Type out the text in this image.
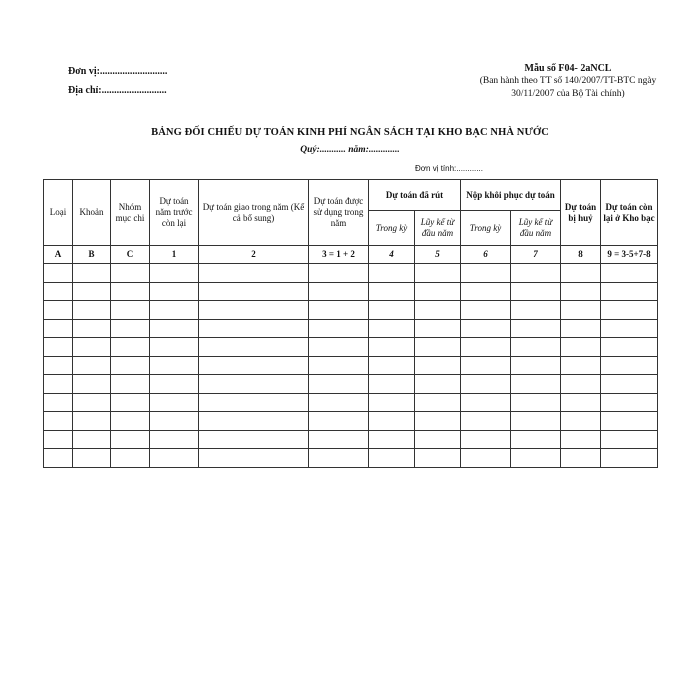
Đơn vị:...........................
Địa chỉ:..........................
Mẫu số F04- 2aNCL
(Ban hành theo TT số 140/2007/TT-BTC ngày
30/11/2007 của Bộ Tài chính)
BẢNG ĐỐI CHIẾU DỰ TOÁN KINH PHÍ NGÂN SÁCH TẠI KHO BẠC NHÀ NƯỚC
Quý:........... năm:.............
Đơn vị tính:............
Loại	Khoản	Nhóm mục chi	Dự toán năm trước còn lại	Dự toán giao trong năm (Kể cả bổ sung)	Dự toán được sử dụng trong năm	Dự toán đã rút		Nộp khôi phục dự toán		Dự toán bị huỷ	Dự toán còn lại ở Kho bạc
						Trong kỳ	Lũy kế từ đầu năm	Trong kỳ	Lũy kế từ đầu năm		
A	B	C	1	2	3 = 1 + 2	4	5	6	7	8	9 = 3-5+7-8
